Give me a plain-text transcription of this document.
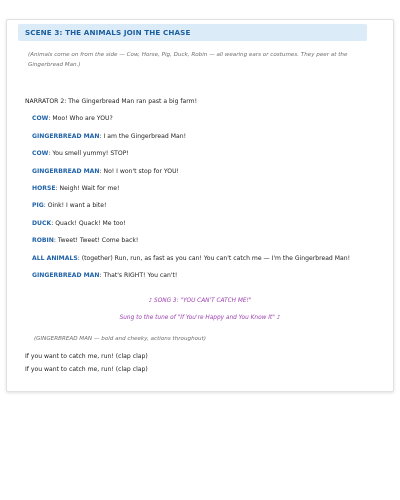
SCENE 3: THE ANIMALS JOIN THE CHASE
(Animals come on from the side — Cow, Horse, Pig, Duck, Robin — all wearing ears or costumes. They peer at the Gingerbread Man.)
NARRATOR 2: The Gingerbread Man ran past a big farm!
COW: Moo! Who are YOU?
GINGERBREAD MAN: I am the Gingerbread Man!
COW: You smell yummy! STOP!
GINGERBREAD MAN: No! I won't stop for YOU!
HORSE: Neigh! Wait for me!
PIG: Oink! I want a bite!
DUCK: Quack! Quack! Me too!
ROBIN: Tweet! Tweet! Come back!
ALL ANIMALS: (together) Run, run, as fast as you can! You can't catch me — I'm the Gingerbread Man!
GINGERBREAD MAN: That's RIGHT! You can't!
♪ SONG 3: "YOU CAN'T CATCH ME!"
Sung to the tune of "If You're Happy and You Know It" ♪
(GINGERBREAD MAN — bold and cheeky, actions throughout)
If you want to catch me, run! (clap clap)
If you want to catch me, run! (clap clap)
